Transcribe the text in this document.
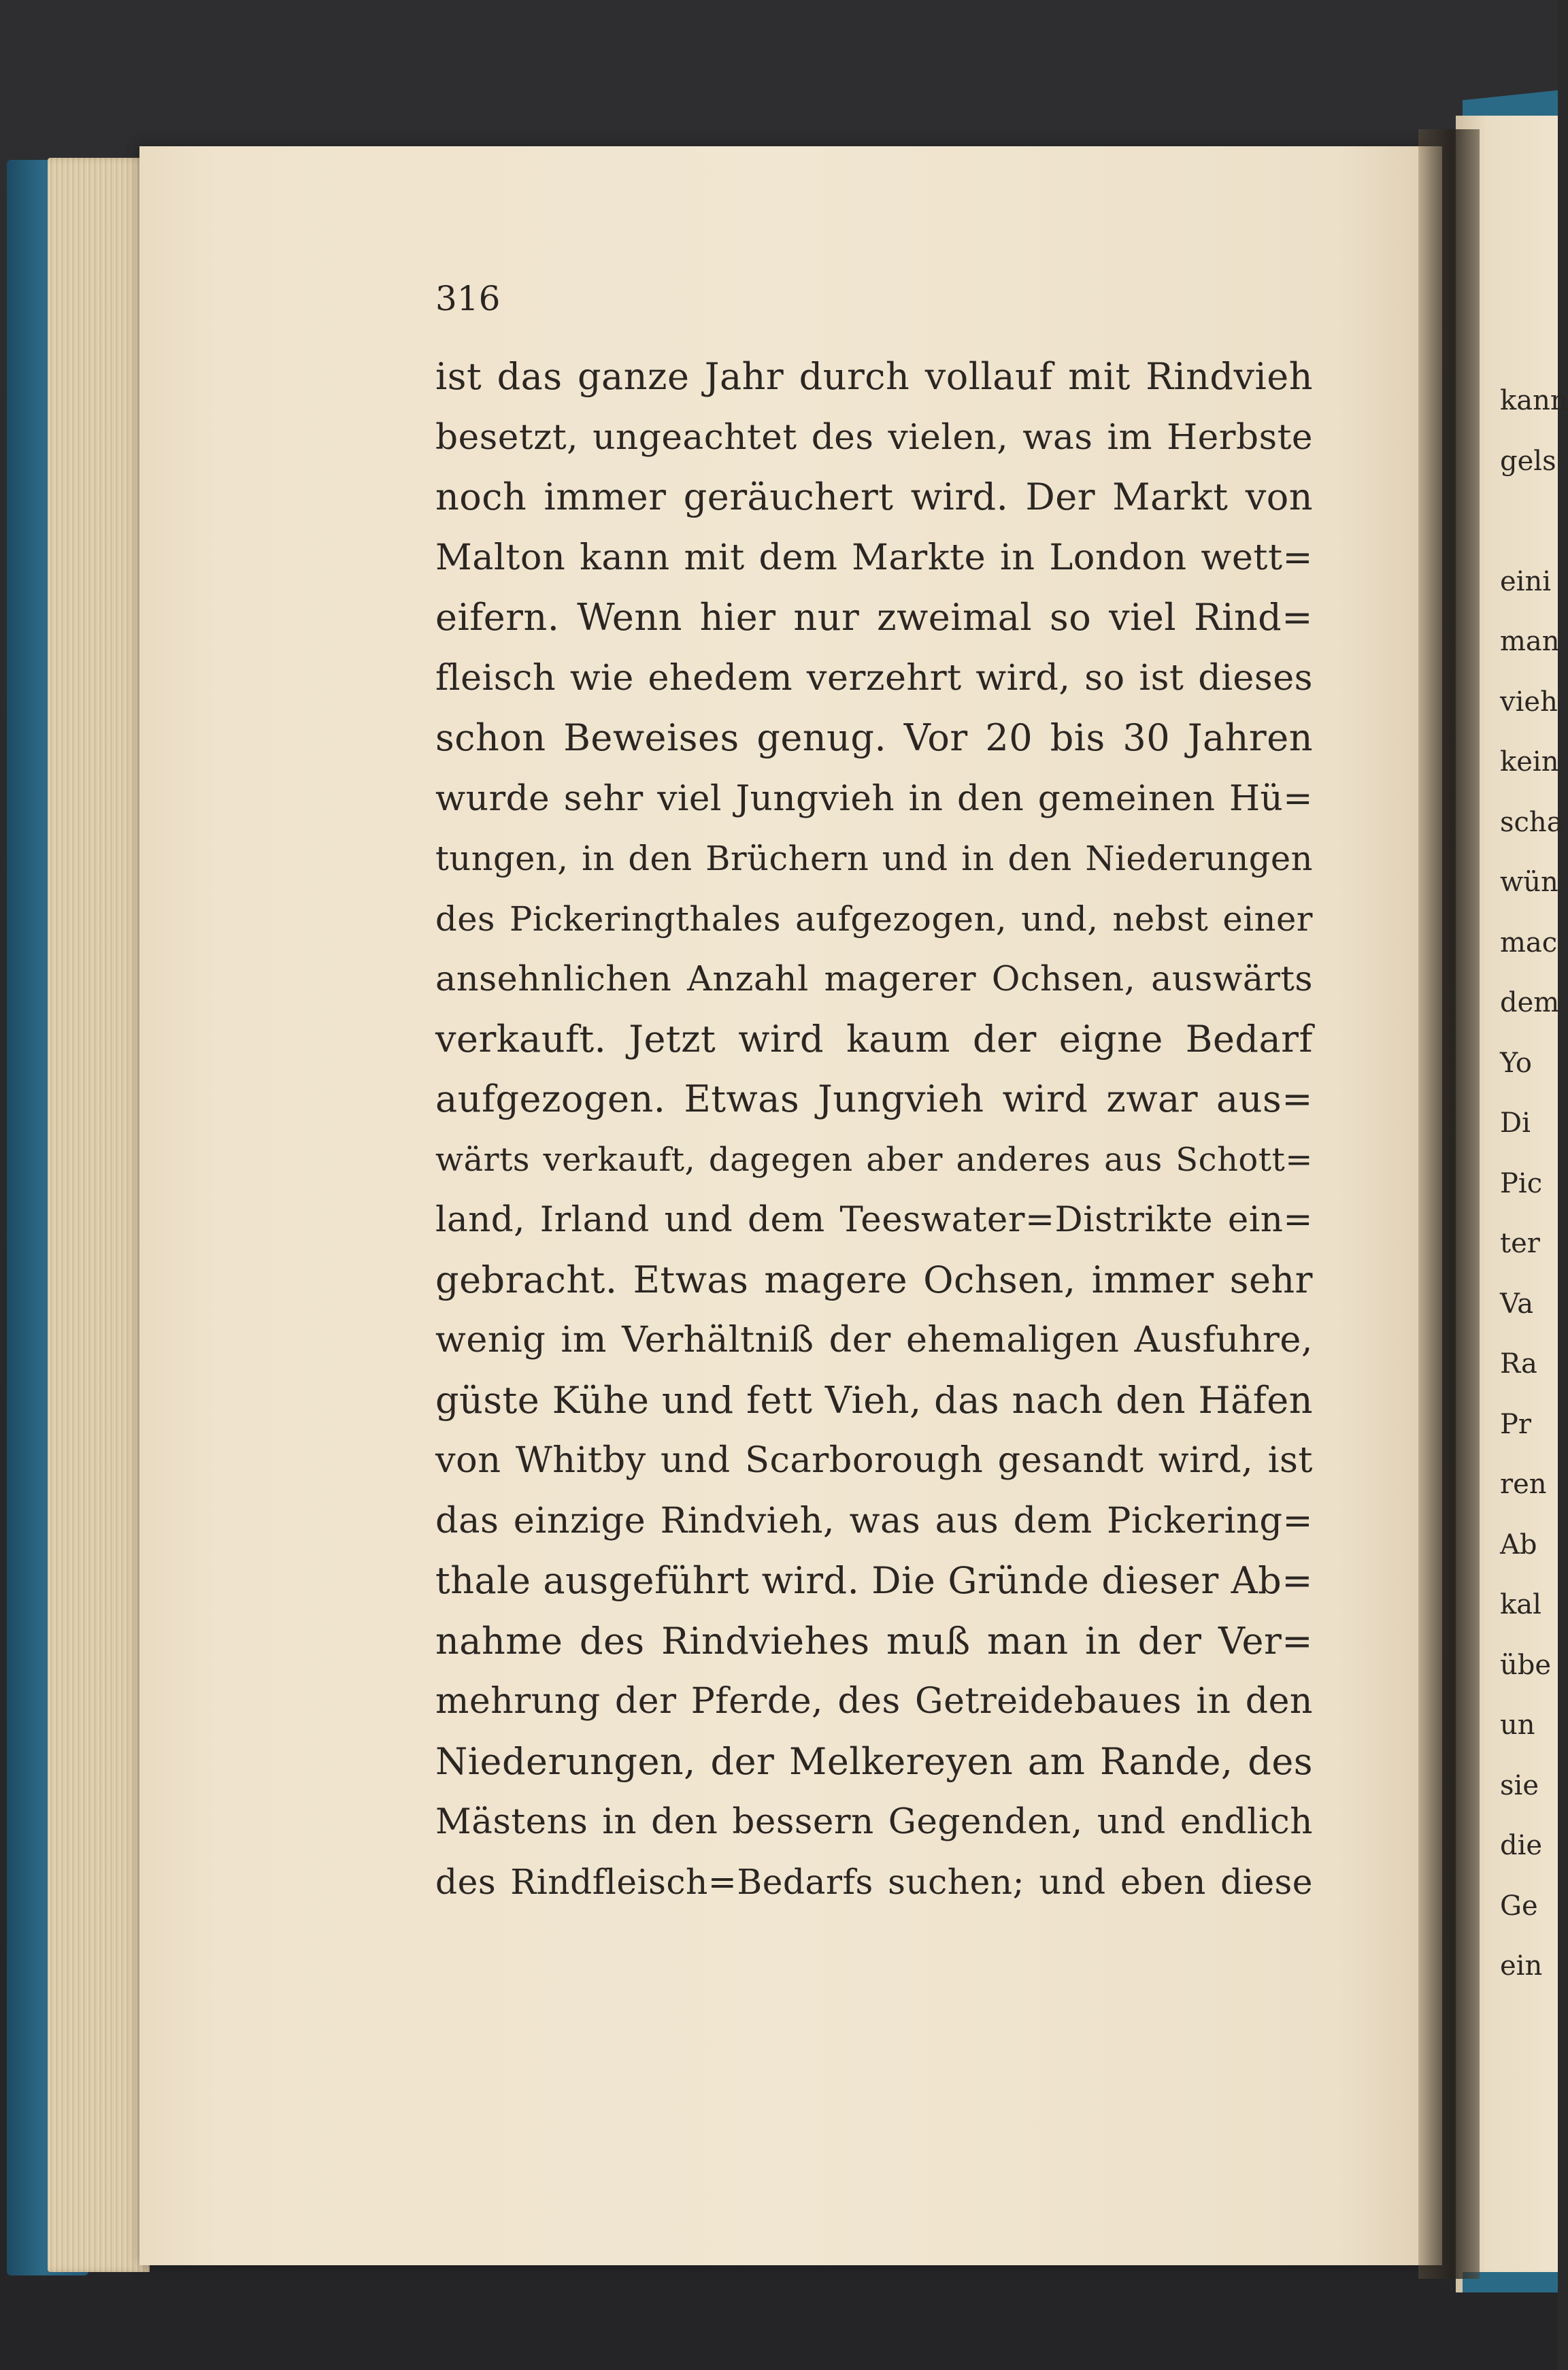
316

ist das ganze Jahr durch vollauf mit Rindvieh
besetzt, ungeachtet des vielen, was im Herbste
noch immer geräuchert wird. Der Markt von
Malton kann mit dem Markte in London wett=
eifern. Wenn hier nur zweimal so viel Rind=
fleisch wie ehedem verzehrt wird, so ist dieses
schon Beweises genug. Vor 20 bis 30 Jahren
wurde sehr viel Jungvieh in den gemeinen Hü=
tungen, in den Brüchern und in den Niederungen
des Pickeringthales aufgezogen, und, nebst einer
ansehnlichen Anzahl magerer Ochsen, auswärts
verkauft. Jetzt wird kaum der eigne Bedarf
aufgezogen. Etwas Jungvieh wird zwar aus=
wärts verkauft, dagegen aber anderes aus Schott=
land, Irland und dem Teeswater=Distrikte ein=
gebracht. Etwas magere Ochsen, immer sehr
wenig im Verhältniß der ehemaligen Ausfuhre,
güste Kühe und fett Vieh, das nach den Häfen
von Whitby und Scarborough gesandt wird, ist
das einzige Rindvieh, was aus dem Pickering=
thale ausgeführt wird. Die Gründe dieser Ab=
nahme des Rindviehes muß man in der Ver=
mehrung der Pferde, des Getreidebaues in den
Niederungen, der Melkereyen am Rande, des
Mästens in den bessern Gegenden, und endlich
des Rindfleisch=Bedarfs suchen; und eben diese

kann
gels

eini
man
vieh
kein
scha
wün
mac
dem
Yo
Di
Pic
ter
Va
Ra
Pr
ren
Ab
kal
übe
un
sie
die
Ge
ein
